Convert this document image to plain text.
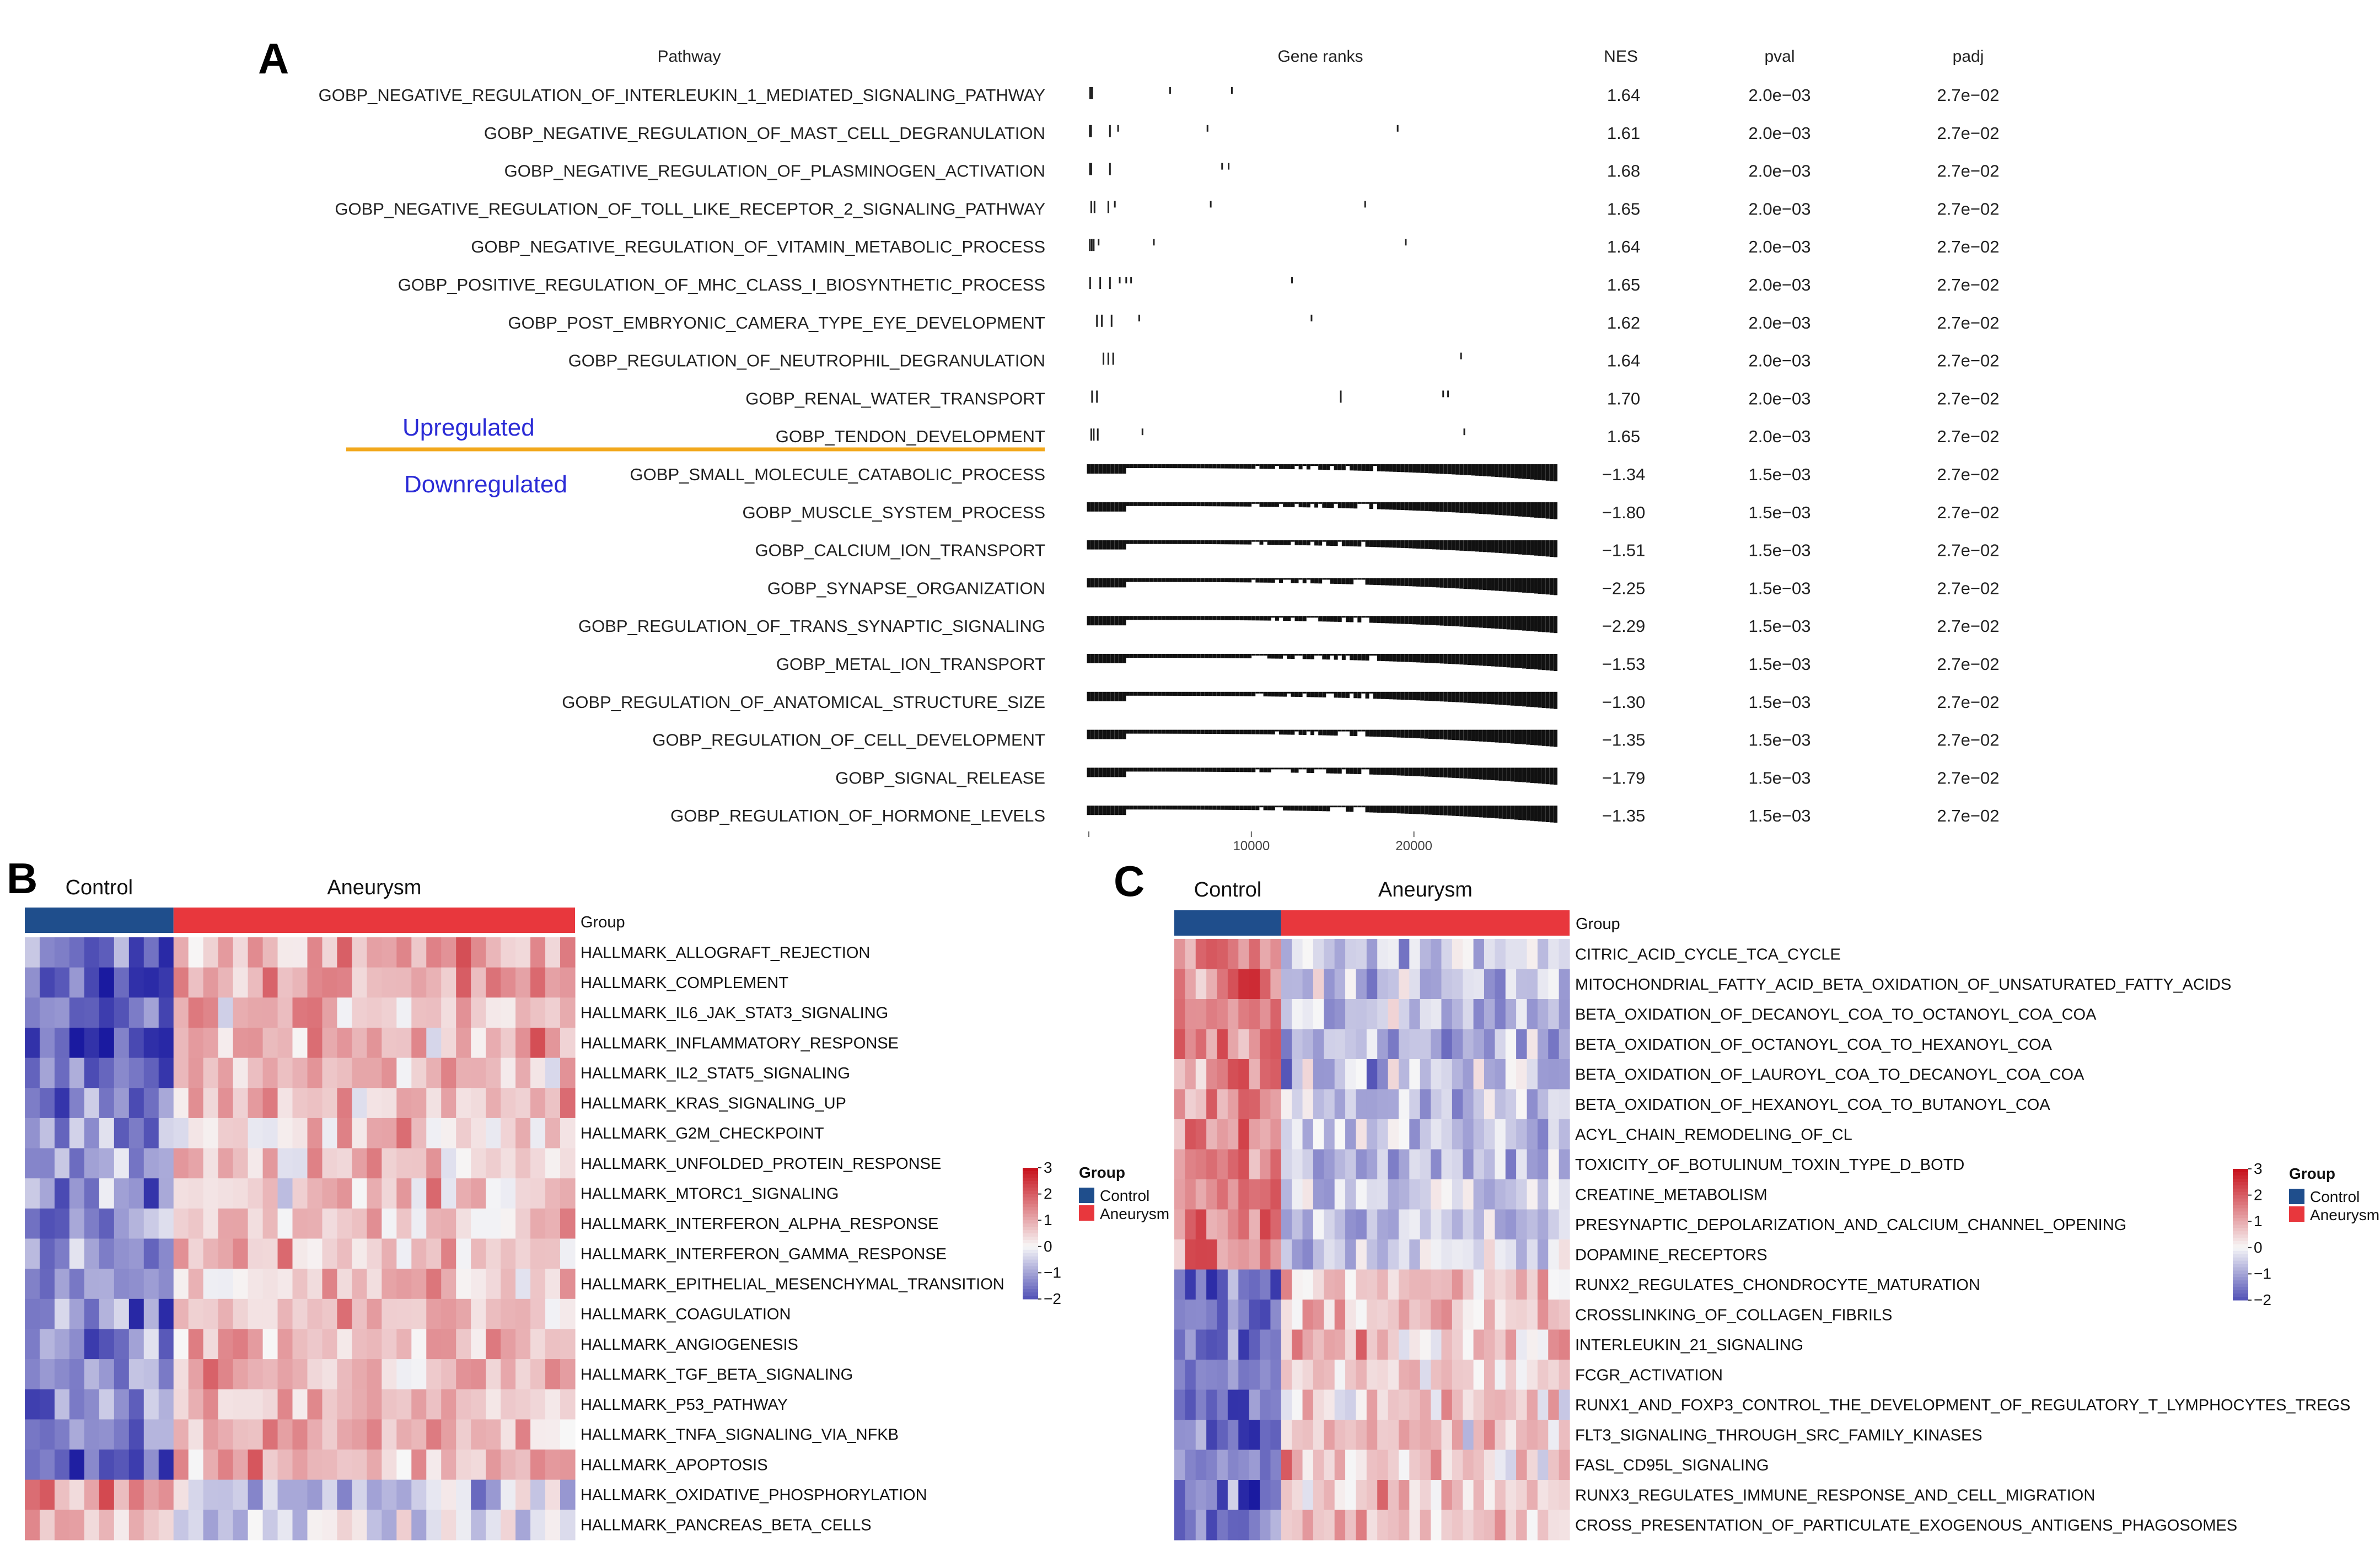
A	Pathway	Gene ranks	NES	pval	padj
Upregulated
Downregulated
GOBP_NEGATIVE_REGULATION_OF_INTERLEUKIN_1_MEDIATED_SIGNALING_PATHWAY	1.64	2.0e−03	2.7e−02
GOBP_NEGATIVE_REGULATION_OF_MAST_CELL_DEGRANULATION	1.61	2.0e−03	2.7e−02
GOBP_NEGATIVE_REGULATION_OF_PLASMINOGEN_ACTIVATION	1.68	2.0e−03	2.7e−02
GOBP_NEGATIVE_REGULATION_OF_TOLL_LIKE_RECEPTOR_2_SIGNALING_PATHWAY	1.65	2.0e−03	2.7e−02
GOBP_NEGATIVE_REGULATION_OF_VITAMIN_METABOLIC_PROCESS	1.64	2.0e−03	2.7e−02
GOBP_POSITIVE_REGULATION_OF_MHC_CLASS_I_BIOSYNTHETIC_PROCESS	1.65	2.0e−03	2.7e−02
GOBP_POST_EMBRYONIC_CAMERA_TYPE_EYE_DEVELOPMENT	1.62	2.0e−03	2.7e−02
GOBP_REGULATION_OF_NEUTROPHIL_DEGRANULATION	1.64	2.0e−03	2.7e−02
GOBP_RENAL_WATER_TRANSPORT	1.70	2.0e−03	2.7e−02
GOBP_TENDON_DEVELOPMENT	1.65	2.0e−03	2.7e−02
GOBP_SMALL_MOLECULE_CATABOLIC_PROCESS	−1.34	1.5e−03	2.7e−02
GOBP_MUSCLE_SYSTEM_PROCESS	−1.80	1.5e−03	2.7e−02
GOBP_CALCIUM_ION_TRANSPORT	−1.51	1.5e−03	2.7e−02
GOBP_SYNAPSE_ORGANIZATION	−2.25	1.5e−03	2.7e−02
GOBP_REGULATION_OF_TRANS_SYNAPTIC_SIGNALING	−2.29	1.5e−03	2.7e−02
GOBP_METAL_ION_TRANSPORT	−1.53	1.5e−03	2.7e−02
GOBP_REGULATION_OF_ANATOMICAL_STRUCTURE_SIZE	−1.30	1.5e−03	2.7e−02
GOBP_REGULATION_OF_CELL_DEVELOPMENT	−1.35	1.5e−03	2.7e−02
GOBP_SIGNAL_RELEASE	−1.79	1.5e−03	2.7e−02
GOBP_REGULATION_OF_HORMONE_LEVELS	−1.35	1.5e−03	2.7e−02
10000	20000
B Control	Aneurysm
Group
HALLMARK_ALLOGRAFT_REJECTION
HALLMARK_COMPLEMENT
HALLMARK_IL6_JAK_STAT3_SIGNALING
HALLMARK_INFLAMMATORY_RESPONSE
HALLMARK_IL2_STAT5_SIGNALING
HALLMARK_KRAS_SIGNALING_UP
HALLMARK_G2M_CHECKPOINT
HALLMARK_UNFOLDED_PROTEIN_RESPONSE
HALLMARK_MTORC1_SIGNALING
HALLMARK_INTERFERON_ALPHA_RESPONSE
HALLMARK_INTERFERON_GAMMA_RESPONSE
HALLMARK_EPITHELIAL_MESENCHYMAL_TRANSITION
HALLMARK_COAGULATION
HALLMARK_ANGIOGENESIS
HALLMARK_TGF_BETA_SIGNALING
HALLMARK_P53_PATHWAY
HALLMARK_TNFA_SIGNALING_VIA_NFKB
HALLMARK_APOPTOSIS
HALLMARK_OXIDATIVE_PHOSPHORYLATION
HALLMARK_PANCREAS_BETA_CELLS
3
2
1
0
−1
−2
Group
Control
Aneurysm
C Control	Aneurysm
Group
CITRIC_ACID_CYCLE_TCA_CYCLE
MITOCHONDRIAL_FATTY_ACID_BETA_OXIDATION_OF_UNSATURATED_FATTY_ACIDS
BETA_OXIDATION_OF_DECANOYL_COA_TO_OCTANOYL_COA_COA
BETA_OXIDATION_OF_OCTANOYL_COA_TO_HEXANOYL_COA
BETA_OXIDATION_OF_LAUROYL_COA_TO_DECANOYL_COA_COA
BETA_OXIDATION_OF_HEXANOYL_COA_TO_BUTANOYL_COA
ACYL_CHAIN_REMODELING_OF_CL
TOXICITY_OF_BOTULINUM_TOXIN_TYPE_D_BOTD
CREATINE_METABOLISM
PRESYNAPTIC_DEPOLARIZATION_AND_CALCIUM_CHANNEL_OPENING
DOPAMINE_RECEPTORS
RUNX2_REGULATES_CHONDROCYTE_MATURATION
CROSSLINKING_OF_COLLAGEN_FIBRILS
INTERLEUKIN_21_SIGNALING
FCGR_ACTIVATION
RUNX1_AND_FOXP3_CONTROL_THE_DEVELOPMENT_OF_REGULATORY_T_LYMPHOCYTES_TREGS
FLT3_SIGNALING_THROUGH_SRC_FAMILY_KINASES
FASL_CD95L_SIGNALING
RUNX3_REGULATES_IMMUNE_RESPONSE_AND_CELL_MIGRATION
CROSS_PRESENTATION_OF_PARTICULATE_EXOGENOUS_ANTIGENS_PHAGOSOMES
3
2
1
0
−1
−2
Group
Control
Aneurysm
